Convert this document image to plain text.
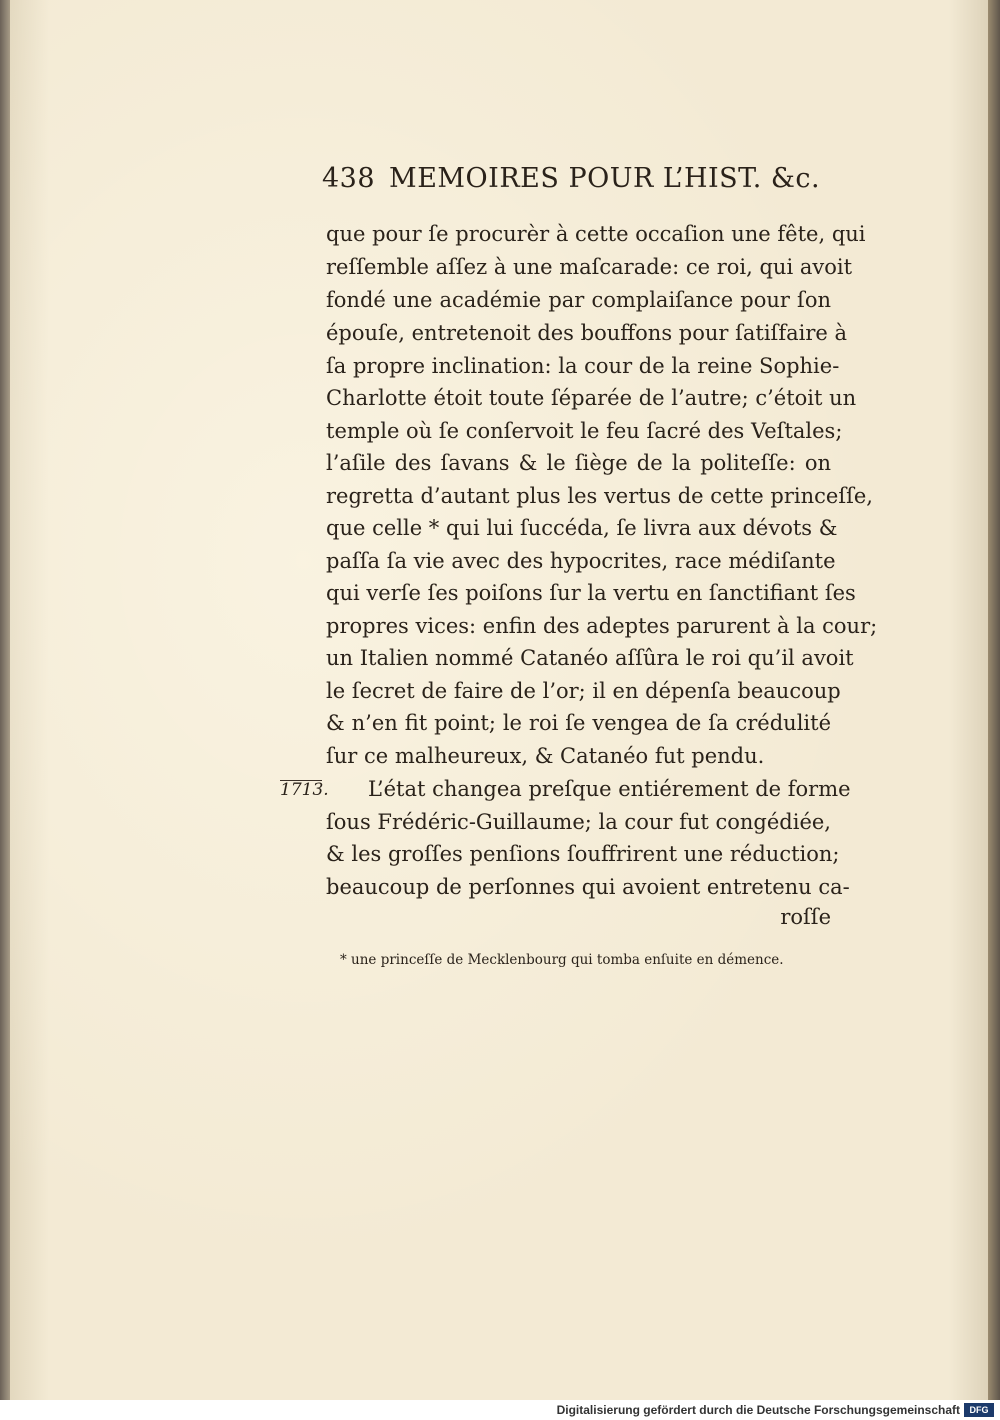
438 MEMOIRES POUR L’HIST. &c.
que pour ſe procurèr à cette occaſion une fête, qui
reſſemble aſſez à une maſcarade: ce roi, qui avoit
fondé une académie par complaiſance pour ſon
épouſe, entretenoit des bouffons pour ſatiſfaire à
ſa propre inclination: la cour de la reine Sophie-
Charlotte étoit toute ſéparée de l’autre; c’étoit un
temple où ſe conſervoit le feu ſacré des Veſtales;
l’aſile des ſavans & le ſiège de la politeſſe: on
regretta d’autant plus les vertus de cette princeſſe,
que celle * qui lui ſuccéda, ſe livra aux dévots &
paſſa ſa vie avec des hypocrites, race médiſante
qui verſe ſes poiſons ſur la vertu en ſanctifiant ſes
propres vices: enfin des adeptes parurent à la cour;
un Italien nommé Catanéo aſſûra le roi qu’il avoit
le ſecret de faire de l’or; il en dépenſa beaucoup
& n’en fit point; le roi ſe vengea de ſa crédulité
ſur ce malheureux, & Catanéo fut pendu.
1713. L’état changea preſque entiérement de forme
ſous Frédéric-Guillaume; la cour fut congédiée,
& les groſſes penſions ſouffrirent une réduction;
beaucoup de perſonnes qui avoient entretenu ca-
roſſe
* une princeſſe de Mecklenbourg qui tomba enſuite en démence.
Digitalisierung gefördert durch die Deutsche Forschungsgemeinschaft	DFG
